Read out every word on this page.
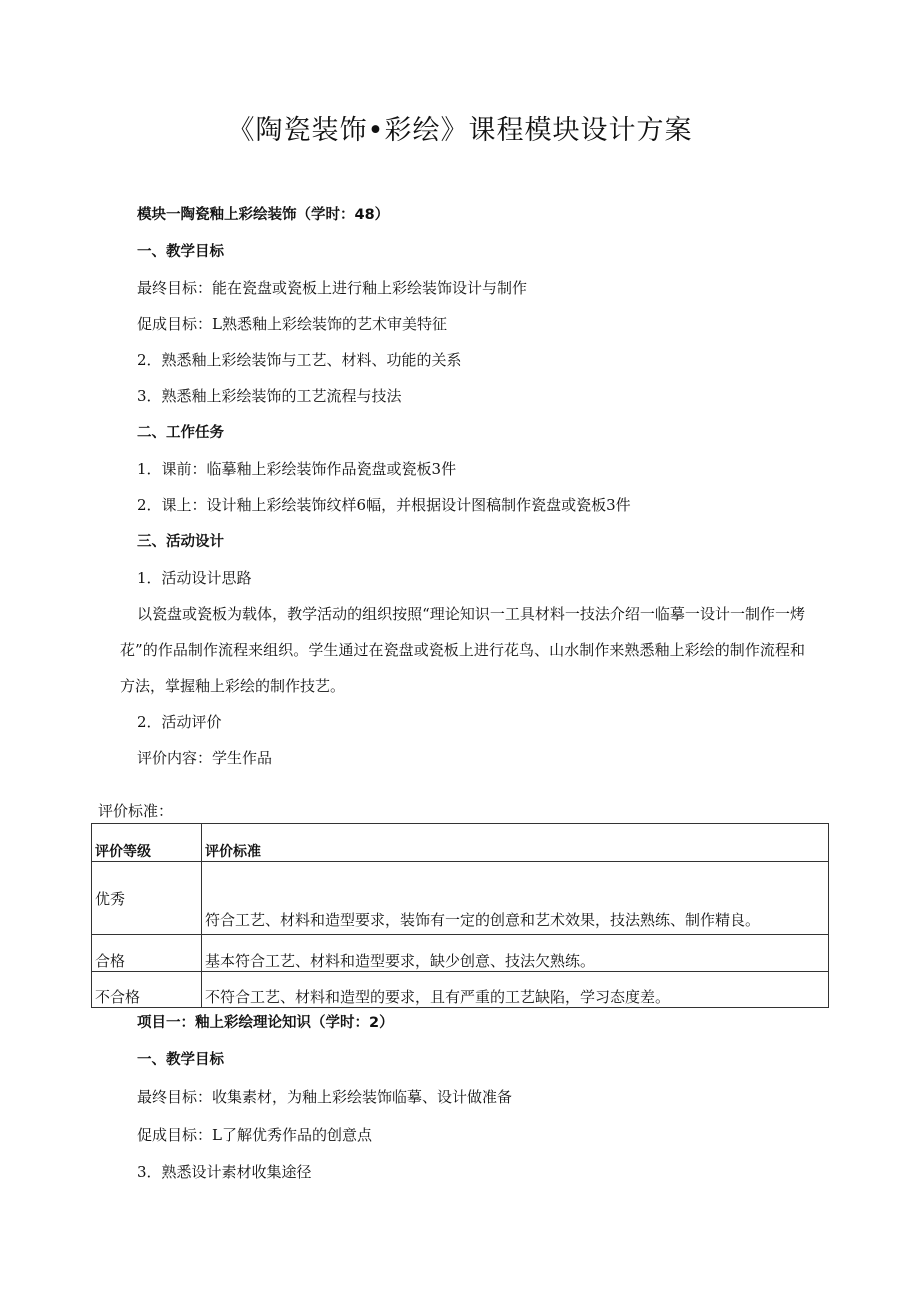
《陶瓷装饰•彩绘》课程模块设计方案
模块一陶瓷釉上彩绘装饰（学时：48）
一、教学目标
最终目标：能在瓷盘或瓷板上进行釉上彩绘装饰设计与制作
促成目标：L熟悉釉上彩绘装饰的艺术审美特征
2．熟悉釉上彩绘装饰与工艺、材料、功能的关系
3．熟悉釉上彩绘装饰的工艺流程与技法
二、工作任务
1．课前：临摹釉上彩绘装饰作品瓷盘或瓷板3件
2．课上：设计釉上彩绘装饰纹样6幅，并根据设计图稿制作瓷盘或瓷板3件
三、活动设计
1．活动设计思路

以瓷盘或瓷板为载体，教学活动的组织按照“理论知识一工具材料一技法介绍一临摹一设计一制作一烤花”的作品制作流程来组织。学生通过在瓷盘或瓷板上进行花鸟、山水制作来熟悉釉上彩绘的制作流程和方法，掌握釉上彩绘的制作技艺。

2．活动评价
评价内容：学生作品
评价标准：
评价等级	评价标准
优秀	符合工艺、材料和造型要求，装饰有一定的创意和艺术效果，技法熟练、制作精良。
合格	基本符合工艺、材料和造型要求，缺少创意、技法欠熟练。
不合格	不符合工艺、材料和造型的要求，且有严重的工艺缺陷，学习态度差。
项目一：釉上彩绘理论知识（学时：2）
一、教学目标
最终目标：收集素材，为釉上彩绘装饰临摹、设计做准备
促成目标：L了解优秀作品的创意点
3．熟悉设计素材收集途径
